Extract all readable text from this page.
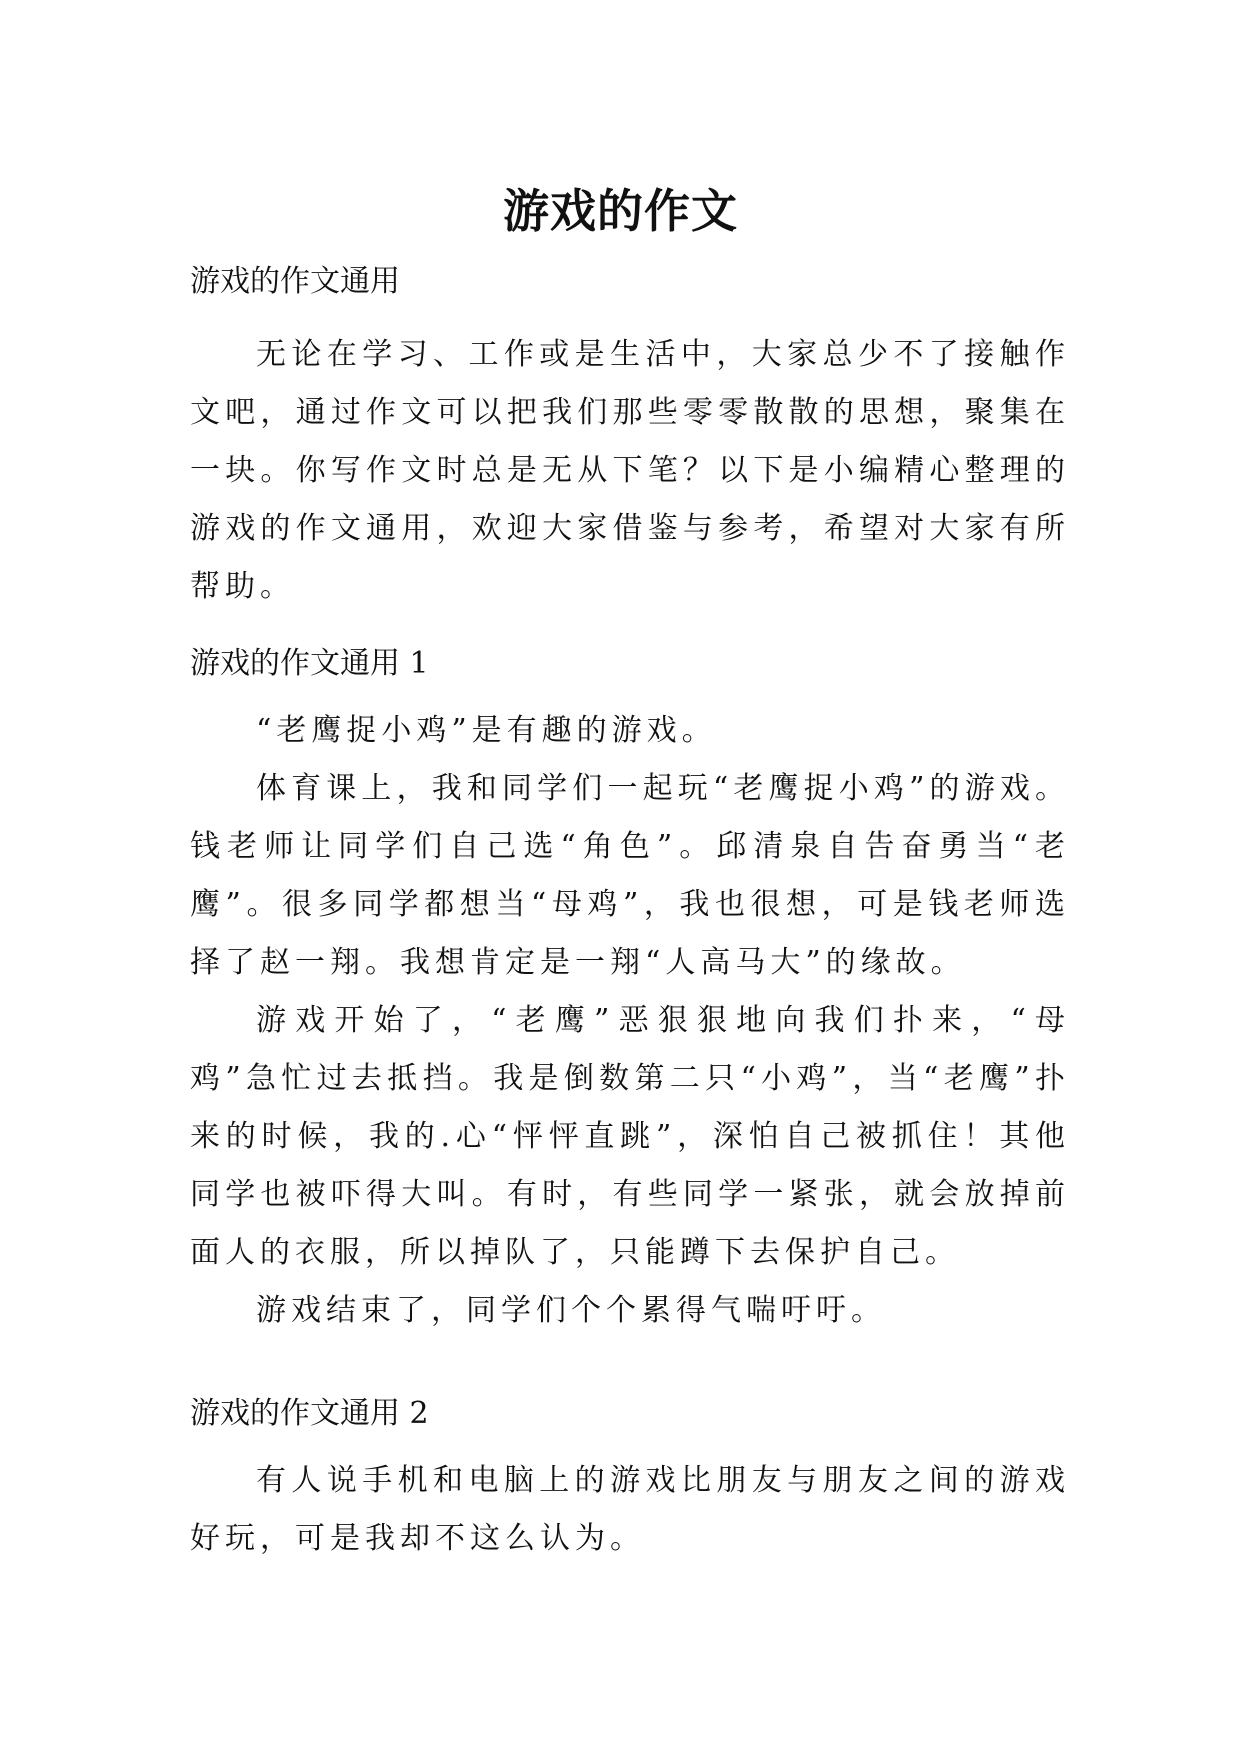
游戏的作文

游戏的作文通用

无论在学习、工作或是生活中，大家总少不了接触作文吧，通过作文可以把我们那些零零散散的思想，聚集在一块。你写作文时总是无从下笔？以下是小编精心整理的游戏的作文通用，欢迎大家借鉴与参考，希望对大家有所帮助。

游戏的作文通用 1

“老鹰捉小鸡”是有趣的游戏。

体育课上，我和同学们一起玩“老鹰捉小鸡”的游戏。钱老师让同学们自己选“角色”。邱清泉自告奋勇当“老鹰”。很多同学都想当“母鸡”，我也很想，可是钱老师选择了赵一翔。我想肯定是一翔“人高马大”的缘故。

游戏开始了，“老鹰”恶狠狠地向我们扑来，“母鸡”急忙过去抵挡。我是倒数第二只“小鸡”，当“老鹰”扑来的时候，我的.心“怦怦直跳”，深怕自己被抓住！其他同学也被吓得大叫。有时，有些同学一紧张，就会放掉前面人的衣服，所以掉队了，只能蹲下去保护自己。

游戏结束了，同学们个个累得气喘吁吁。

游戏的作文通用 2

有人说手机和电脑上的游戏比朋友与朋友之间的游戏好玩，可是我却不这么认为。
